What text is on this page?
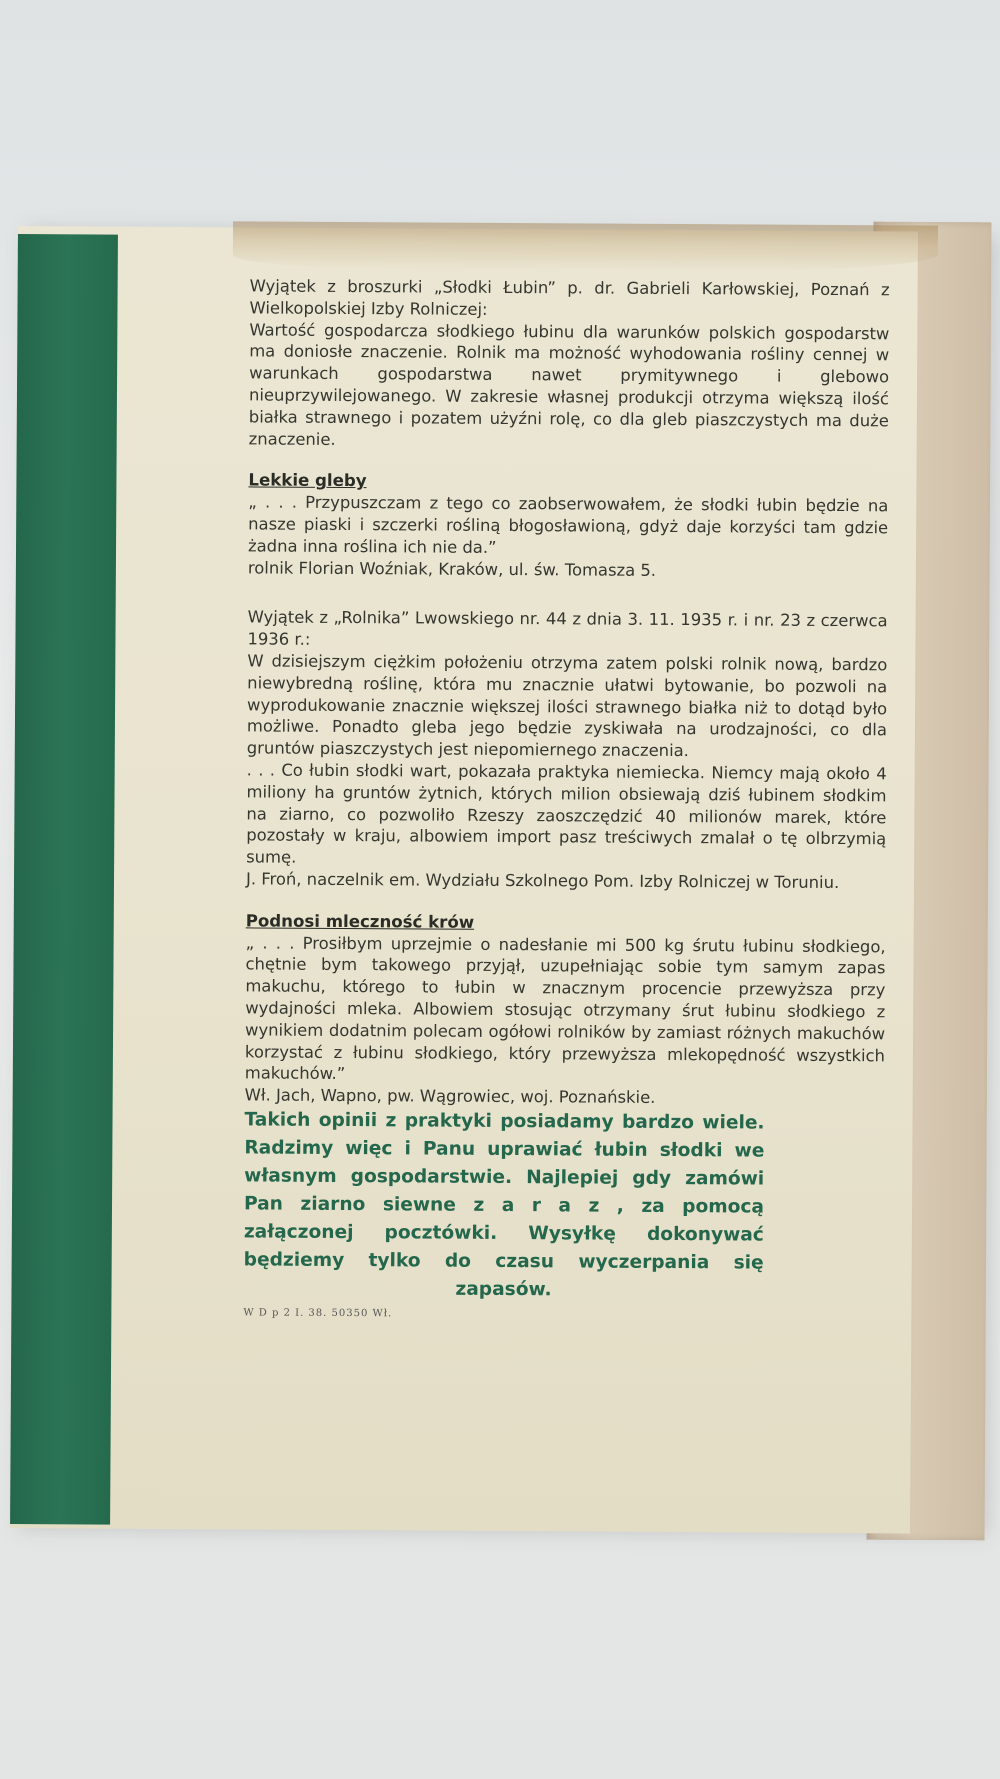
Wyjątek z broszurki „Słodki Łubin” p. dr. Gabrieli Karłowskiej, Poznań z Wielkopolskiej Izby Rolniczej:

Wartość gospodarcza słodkiego łubinu dla warunków polskich gospodarstw ma doniosłe znaczenie. Rolnik ma możność wyhodowania rośliny cennej w warunkach gospodarstwa nawet prymitywnego i glebowo nieuprzywilejowanego. W zakresie własnej produkcji otrzyma większą ilość białka strawnego i pozatem użyźni rolę, co dla gleb piaszczystych ma duże znaczenie.

Lekkie gleby

„ . . . Przypuszczam z tego co zaobserwowałem, że słodki łubin będzie na nasze piaski i szczerki rośliną błogosławioną, gdyż daje korzyści tam gdzie żadna inna roślina ich nie da.”

rolnik Florian Woźniak, Kraków, ul. św. Tomasza 5.

Wyjątek z „Rolnika” Lwowskiego nr. 44 z dnia 3. 11. 1935 r. i nr. 23 z czerwca 1936 r.:

W dzisiejszym ciężkim położeniu otrzyma zatem polski rolnik nową, bardzo niewybredną roślinę, która mu znacznie ułatwi bytowanie, bo pozwoli na wyprodukowanie znacznie większej ilości strawnego białka niż to dotąd było możliwe. Ponadto gleba jego będzie zyskiwała na urodzajności, co dla gruntów piaszczystych jest niepomiernego znaczenia.

. . . Co łubin słodki wart, pokazała praktyka niemiecka. Niemcy mają około 4 miliony ha gruntów żytnich, których milion obsiewają dziś łubinem słodkim na ziarno, co pozwoliło Rzeszy zaoszczędzić 40 milionów marek, które pozostały w kraju, albowiem import pasz treściwych zmalał o tę olbrzymią sumę.

J. Froń, naczelnik em. Wydziału Szkolnego Pom. Izby Rolniczej w Toruniu.

Podnosi mleczność krów

„ . . . Prosiłbym uprzejmie o nadesłanie mi 500 kg śrutu łubinu słodkiego, chętnie bym takowego przyjął, uzupełniając sobie tym samym zapas makuchu, którego to łubin w znacznym procencie przewyższa przy wydajności mleka. Albowiem stosując otrzymany śrut łubinu słodkiego z wynikiem dodatnim polecam ogółowi rolników by zamiast różnych makuchów korzystać z łubinu słodkiego, który przewyższa mlekopędność wszystkich makuchów.”

Wł. Jach, Wapno, pw. Wągrowiec, woj. Poznańskie.

Takich opinii z praktyki posiadamy bardzo wiele. Radzimy więc i Panu uprawiać łubin słodki we własnym gospodarstwie. Najlepiej gdy zamówi Pan ziarno siewne z a r a z , za pomocą załączonej pocztówki. Wysyłkę dokonywać będziemy tylko do czasu wyczerpania się zapasów.

W D p 2 I. 38. 50350 Wł.
